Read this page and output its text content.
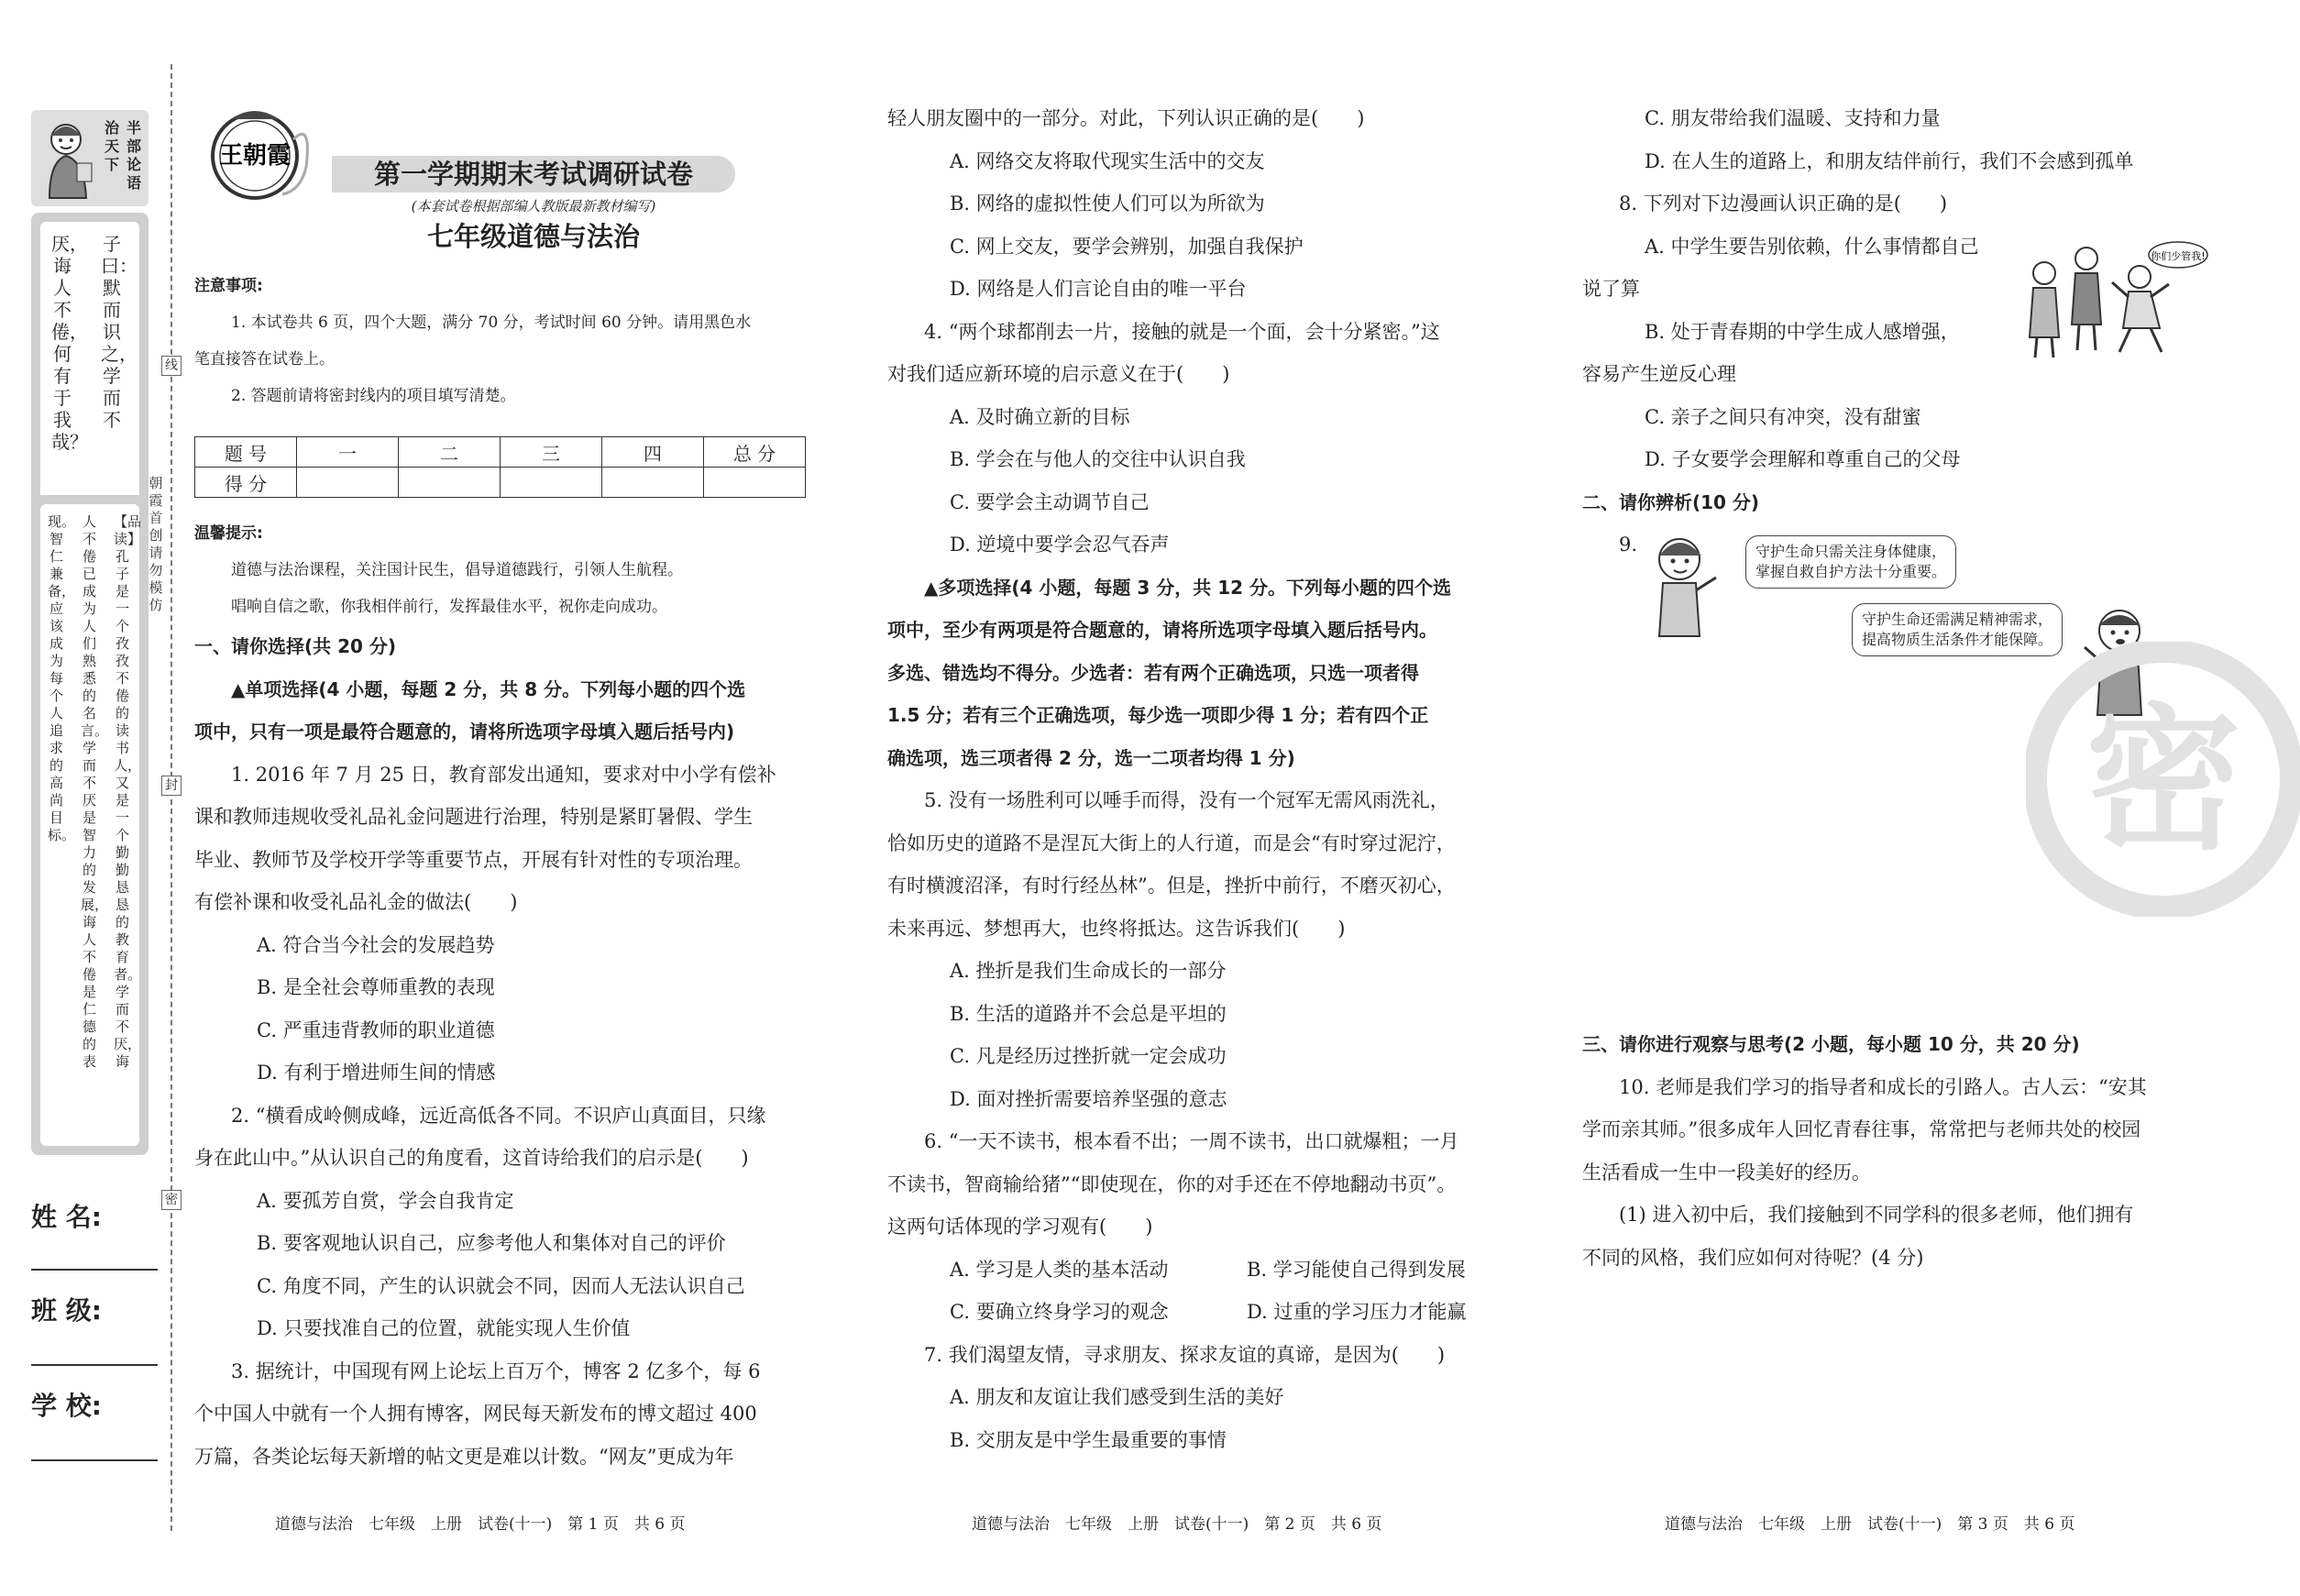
治天下
半部论语
厌，诲人不倦，何有于我哉？
子曰：默而识之，学而不
现。智仁兼备，应该成为每个人追求的高尚目标。
人不倦已成为人们熟悉的名言。学而不厌是智力的发展，诲人不倦是仁德的表
【品读】孔子是一个孜孜不倦的读书人，又是一个勤勤恳恳的教育者。学而不厌，诲
姓 名:
班 级:
学 校:
朝霞首创 请勿模仿
线
封
密
王朝霞
第一学期期末考试调研试卷
(本套试卷根据部编人教版最新教材编写)
七年级道德与法治
注意事项:
1. 本试卷共 6 页，四个大题，满分 70 分，考试时间 60 分钟。请用黑色水
笔直接答在试卷上。
2. 答题前请将密封线内的项目填写清楚。
题 号	一	二	三	四	总 分
得 分					
温馨提示:
道德与法治课程，关注国计民生，倡导道德践行，引领人生航程。
唱响自信之歌，你我相伴前行，发挥最佳水平，祝你走向成功。
一、请你选择(共 20 分)
▲单项选择(4 小题，每题 2 分，共 8 分。下列每小题的四个选
项中，只有一项是最符合题意的，请将所选项字母填入题后括号内)
1. 2016 年 7 月 25 日，教育部发出通知，要求对中小学有偿补
课和教师违规收受礼品礼金问题进行治理，特别是紧盯暑假、学生
毕业、教师节及学校开学等重要节点，开展有针对性的专项治理。
有偿补课和收受礼品礼金的做法(　　)
A. 符合当今社会的发展趋势
B. 是全社会尊师重教的表现
C. 严重违背教师的职业道德
D. 有利于增进师生间的情感
2. “横看成岭侧成峰，远近高低各不同。不识庐山真面目，只缘
身在此山中。”从认识自己的角度看，这首诗给我们的启示是(　　)
A. 要孤芳自赏，学会自我肯定
B. 要客观地认识自己，应参考他人和集体对自己的评价
C. 角度不同，产生的认识就会不同，因而人无法认识自己
D. 只要找准自己的位置，就能实现人生价值
3. 据统计，中国现有网上论坛上百万个，博客 2 亿多个，每 6
个中国人中就有一个人拥有博客，网民每天新发布的博文超过 400
万篇，各类论坛每天新增的帖文更是难以计数。“网友”更成为年
道德与法治　七年级　上册　试卷(十一)　第 1 页　共 6 页
轻人朋友圈中的一部分。对此，下列认识正确的是(　　)
A. 网络交友将取代现实生活中的交友
B. 网络的虚拟性使人们可以为所欲为
C. 网上交友，要学会辨别，加强自我保护
D. 网络是人们言论自由的唯一平台
4. “两个球都削去一片，接触的就是一个面，会十分紧密。”这
对我们适应新环境的启示意义在于(　　)
A. 及时确立新的目标
B. 学会在与他人的交往中认识自我
C. 要学会主动调节自己
D. 逆境中要学会忍气吞声
▲多项选择(4 小题，每题 3 分，共 12 分。下列每小题的四个选
项中，至少有两项是符合题意的，请将所选项字母填入题后括号内。
多选、错选均不得分。少选者：若有两个正确选项，只选一项者得
1.5 分；若有三个正确选项，每少选一项即少得 1 分；若有四个正
确选项，选三项者得 2 分，选一二项者均得 1 分)
5. 没有一场胜利可以唾手而得，没有一个冠军无需风雨洗礼，
恰如历史的道路不是涅瓦大街上的人行道，而是会“有时穿过泥泞，
有时横渡沼泽，有时行经丛林”。但是，挫折中前行，不磨灭初心，
未来再远、梦想再大，也终将抵达。这告诉我们(　　)
A. 挫折是我们生命成长的一部分
B. 生活的道路并不会总是平坦的
C. 凡是经历过挫折就一定会成功
D. 面对挫折需要培养坚强的意志
6. “一天不读书，根本看不出；一周不读书，出口就爆粗；一月
不读书，智商输给猪”“即使现在，你的对手还在不停地翻动书页”。
这两句话体现的学习观有(　　)
A. 学习是人类的基本活动	B. 学习能使自己得到发展
C. 要确立终身学习的观念	D. 过重的学习压力才能赢
7. 我们渴望友情，寻求朋友、探求友谊的真谛，是因为(　　)
A. 朋友和友谊让我们感受到生活的美好
B. 交朋友是中学生最重要的事情
道德与法治　七年级　上册　试卷(十一)　第 2 页　共 6 页
C. 朋友带给我们温暖、支持和力量
D. 在人生的道路上，和朋友结伴前行，我们不会感到孤单
8. 下列对下边漫画认识正确的是(　　)
A. 中学生要告别依赖，什么事情都自己
说了算
B. 处于青春期的中学生成人感增强，
容易产生逆反心理
C. 亲子之间只有冲突，没有甜蜜
D. 子女要学会理解和尊重自己的父母
二、请你辨析(10 分)
9.
你们少管我!
守护生命只需关注身体健康，
掌握自救自护方法十分重要。
守护生命还需满足精神需求，
提高物质生活条件才能保障。
密
三、请你进行观察与思考(2 小题，每小题 10 分，共 20 分)
10. 老师是我们学习的指导者和成长的引路人。古人云：“安其
学而亲其师。”很多成年人回忆青春往事，常常把与老师共处的校园
生活看成一生中一段美好的经历。
(1) 进入初中后，我们接触到不同学科的很多老师，他们拥有
不同的风格，我们应如何对待呢？(4 分)
道德与法治　七年级　上册　试卷(十一)　第 3 页　共 6 页
